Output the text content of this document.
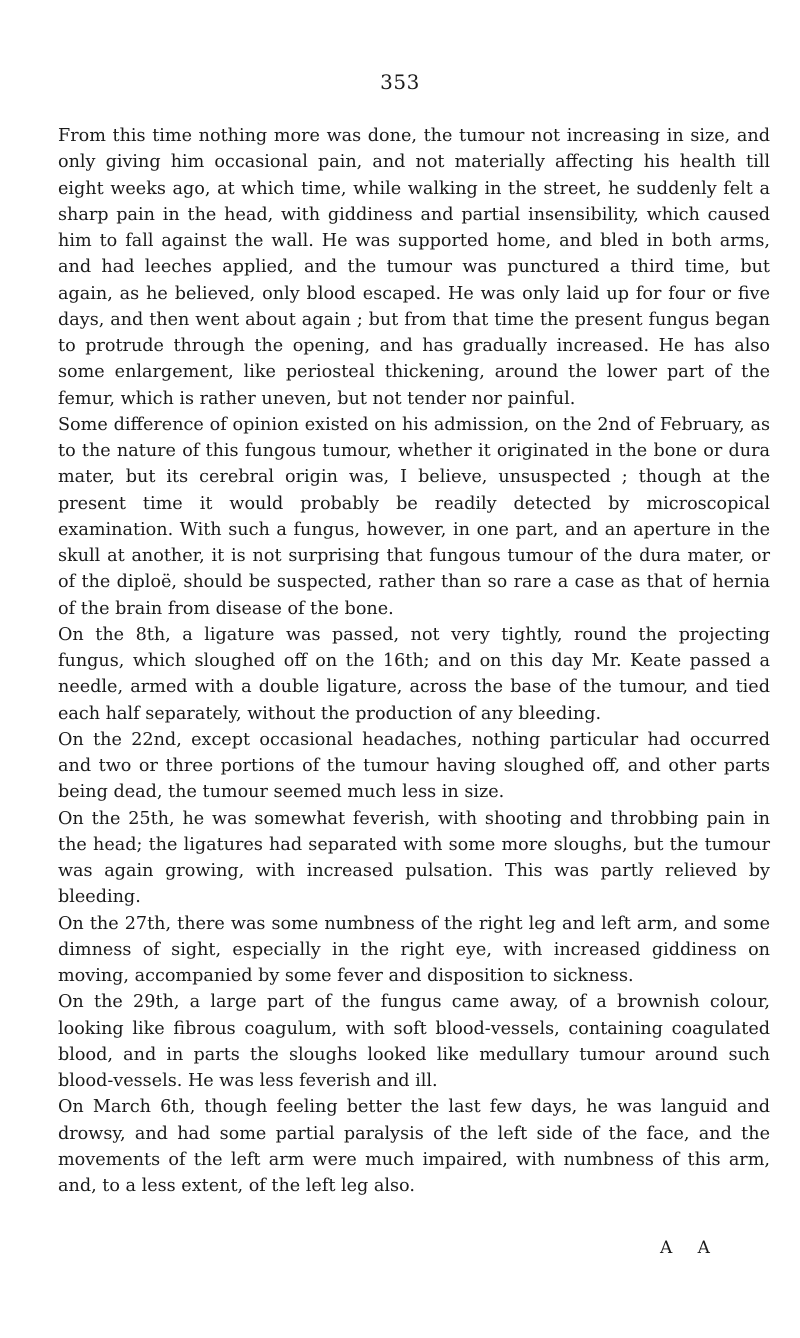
353

From this time nothing more was done, the tumour not increasing in size, and only giving him occasional pain, and not materially affecting his health till eight weeks ago, at which time, while walking in the street, he suddenly felt a sharp pain in the head, with giddiness and partial insensibility, which caused him to fall against the wall. He was supported home, and bled in both arms, and had leeches applied, and the tumour was punctured a third time, but again, as he believed, only blood escaped. He was only laid up for four or five days, and then went about again ; but from that time the present fungus began to protrude through the opening, and has gradually increased. He has also some enlargement, like periosteal thickening, around the lower part of the femur, which is rather uneven, but not tender nor painful.

Some difference of opinion existed on his admission, on the 2nd of February, as to the nature of this fungous tumour, whether it originated in the bone or dura mater, but its cerebral origin was, I believe, unsuspected ; though at the present time it would probably be readily detected by microscopical examination. With such a fungus, however, in one part, and an aperture in the skull at another, it is not surprising that fungous tumour of the dura mater, or of the diploë, should be suspected, rather than so rare a case as that of hernia of the brain from disease of the bone.

On the 8th, a ligature was passed, not very tightly, round the projecting fungus, which sloughed off on the 16th; and on this day Mr. Keate passed a needle, armed with a double ligature, across the base of the tumour, and tied each half separately, without the production of any bleeding.

On the 22nd, except occasional headaches, nothing particular had occurred and two or three portions of the tumour having sloughed off, and other parts being dead, the tumour seemed much less in size.

On the 25th, he was somewhat feverish, with shooting and throbbing pain in the head; the ligatures had separated with some more sloughs, but the tumour was again growing, with increased pulsation. This was partly relieved by bleeding.

On the 27th, there was some numbness of the right leg and left arm, and some dimness of sight, especially in the right eye, with increased giddiness on moving, accompanied by some fever and disposition to sickness.

On the 29th, a large part of the fungus came away, of a brownish colour, looking like fibrous coagulum, with soft blood-vessels, containing coagulated blood, and in parts the sloughs looked like medullary tumour around such blood-vessels. He was less feverish and ill.

On March 6th, though feeling better the last few days, he was languid and drowsy, and had some partial paralysis of the left side of the face, and the movements of the left arm were much impaired, with numbness of this arm, and, to a less extent, of the left leg also.

A A
